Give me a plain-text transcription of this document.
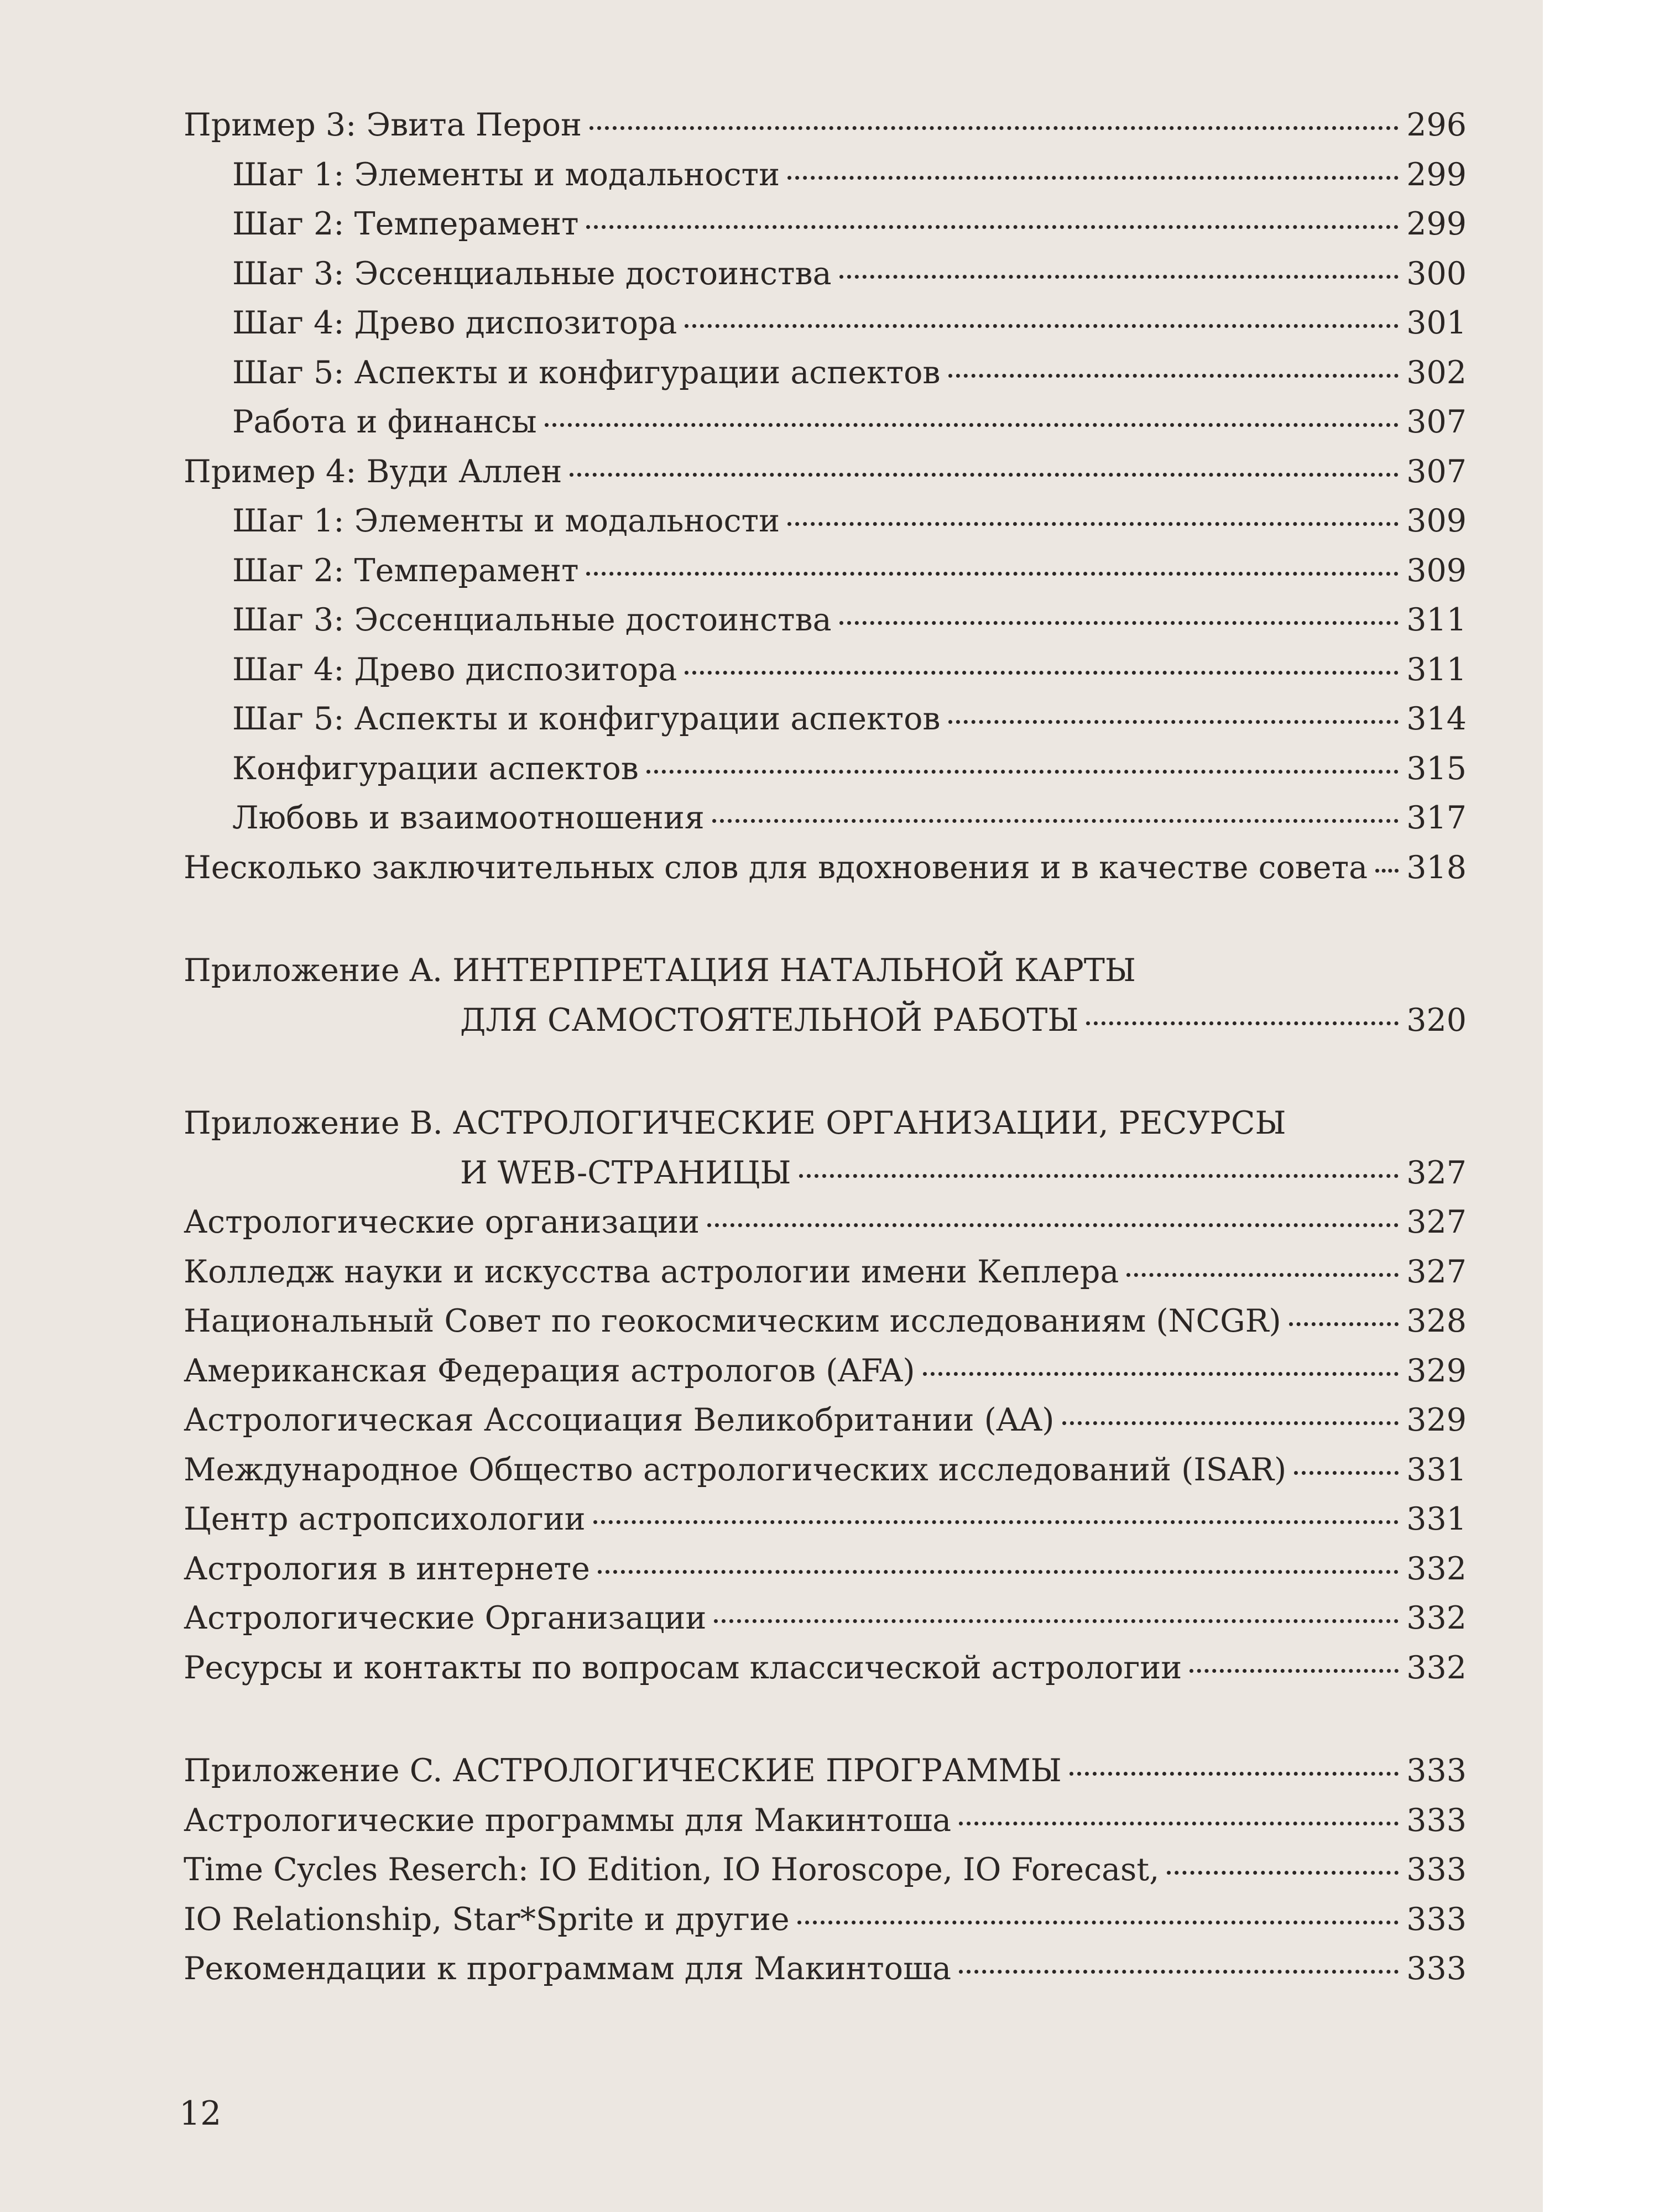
Пример 3: Эвита Перон	296
Шаг 1: Элементы и модальности	299
Шаг 2: Темперамент	299
Шаг 3: Эссенциальные достоинства	300
Шаг 4: Древо диспозитора	301
Шаг 5: Аспекты и конфигурации аспектов	302
Работа и финансы	307
Пример 4: Вуди Аллен	307
Шаг 1: Элементы и модальности	309
Шаг 2: Темперамент	309
Шаг 3: Эссенциальные достоинства	311
Шаг 4: Древо диспозитора	311
Шаг 5: Аспекты и конфигурации аспектов	314
Конфигурации аспектов	315
Любовь и взаимоотношения	317
Несколько заключительных слов для вдохновения и в качестве совета 318
Приложение A. ИНТЕРПРЕТАЦИЯ НАТАЛЬНОЙ КАРТЫ
ДЛЯ САМОСТОЯТЕЛЬНОЙ РАБОТЫ	320
Приложение B. АСТРОЛОГИЧЕСКИЕ ОРГАНИЗАЦИИ, РЕСУРСЫ
И WEB-СТРАНИЦЫ	327
Астрологические организации	327
Колледж науки и искусства астрологии имени Кеплера	327
Национальный Совет по геокосмическим исследованиям (NCGR)	328
Американская Федерация астрологов (AFA)	329
Астрологическая Ассоциация Великобритании (AA)	329
Международное Общество астрологических исследований (ISAR)	331
Центр астропсихологии	331
Астрология в интернете	332
Астрологические Организации	332
Ресурсы и контакты по вопросам классической астрологии	332
Приложение C. АСТРОЛОГИЧЕСКИЕ ПРОГРАММЫ	333
Астрологические программы для Макинтоша	333
Time Cycles Reserch: IO Edition, IO Horoscope, IO Forecast,	333
IO Relationship, Star*Sprite и другие	333
Рекомендации к программам для Макинтоша	333
12
